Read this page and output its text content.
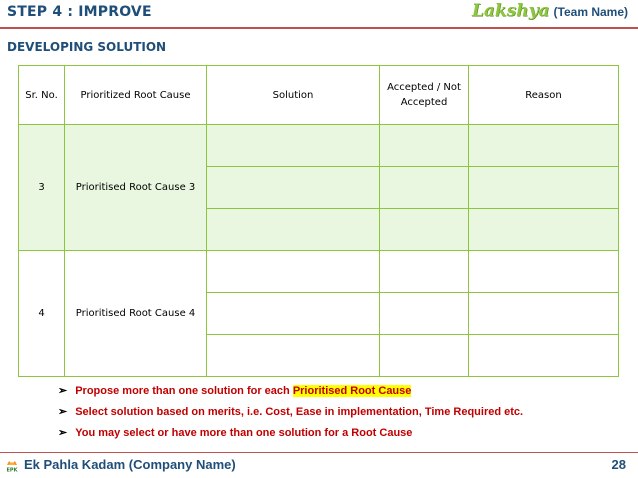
STEP 4 : IMPROVE	Lakshya (Team Name)
DEVELOPING SOLUTION
Sr. No.	Prioritized Root Cause	Solution	Accepted / Not Accepted	Reason
3	Prioritised Root Cause 3			

4	Prioritised Root Cause 4			

➢ Propose more than one solution for each Prioritised Root Cause
➢ Select solution based on merits, i.e. Cost, Ease in implementation, Time Required etc.
➢ You may select or have more than one solution for a Root Cause
EPK Ek Pahla Kadam (Company Name)	28
